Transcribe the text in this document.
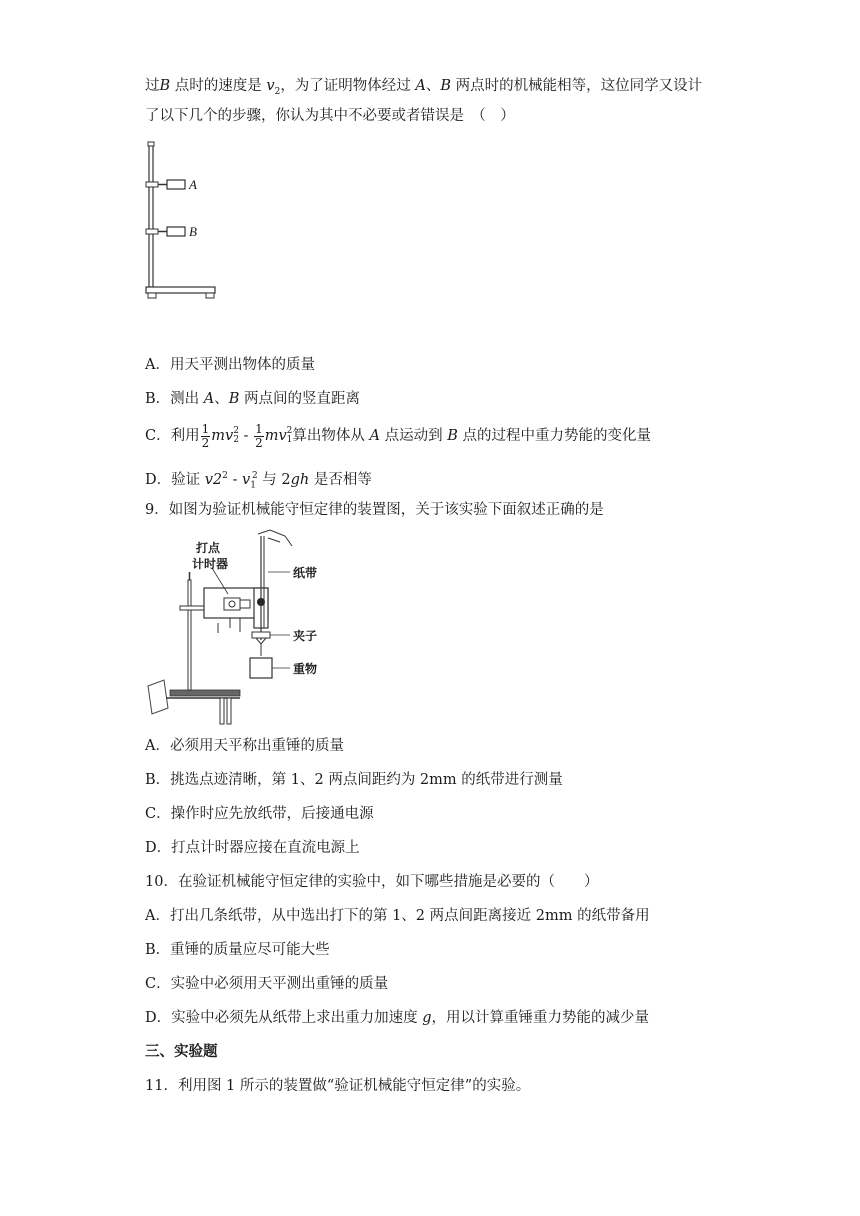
过B 点时的速度是 $v_2$，为了证明物体经过 A、B 两点时的机械能相等，这位同学又设计
了以下几个的步骤，你认为其中不必要或者错误是　（　）
A
B
A．用天平测出物体的质量
B．测出 A、B 两点间的竖直距离
C．利用 $\frac{1}{2}$ mv 2
$2 - \frac{1}{2}$ mv 2
1 算出物体从 A 点运动到 B 点的过程中重力势能的变化量
D．验证 $v2^2 - v_1^2$ 与 2gh 是否相等
9．如图为验证机械能守恒定律的装置图，关于该实验下面叙述正确的是
打点
计时器
纸带
夹子
重物
A．必须用天平称出重锤的质量
B．挑选点迹清晰，第 1、2 两点间距约为 2mm 的纸带进行测量
C．操作时应先放纸带，后接通电源
D．打点计时器应接在直流电源上
10．在验证机械能守恒定律的实验中，如下哪些措施是必要的（　　）
A．打出几条纸带，从中选出打下的第 1、2 两点间距离接近 2mm 的纸带备用
B．重锤的质量应尽可能大些
C．实验中必须用天平测出重锤的质量
D．实验中必须先从纸带上求出重力加速度 g，用以计算重锤重力势能的减少量
三、实验题
11．利用图 1 所示的装置做“验证机械能守恒定律”的实验。
